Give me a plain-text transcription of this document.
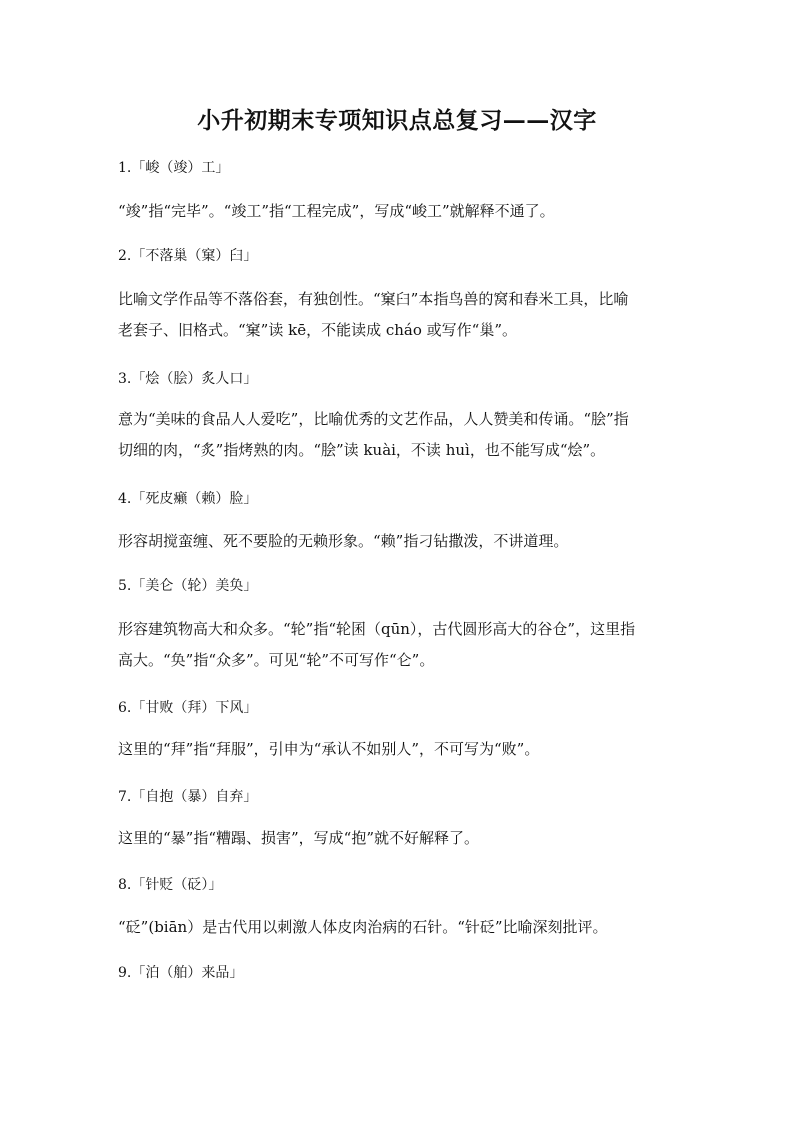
小升初期末专项知识点总复习——汉字
1.「峻（竣）工」
“竣”指“完毕”。“竣工”指“工程完成”，写成“峻工”就解释不通了。
2.「不落巢（窠）臼」
比喻文学作品等不落俗套，有独创性。“窠臼”本指鸟兽的窝和舂米工具，比喻
老套子、旧格式。“窠”读 kē，不能读成 cháo 或写作“巢”。
3.「烩（脍）炙人口」
意为“美味的食品人人爱吃”，比喻优秀的文艺作品，人人赞美和传诵。“脍”指
切细的肉，“炙”指烤熟的肉。“脍”读 kuài，不读 huì，也不能写成“烩”。
4.「死皮癞（赖）脸」
形容胡搅蛮缠、死不要脸的无赖形象。“赖”指刁钻撒泼，不讲道理。
5.「美仑（轮）美奂」
形容建筑物高大和众多。“轮”指“轮囷（qūn），古代圆形高大的谷仓”，这里指
高大。“奂”指“众多”。可见“轮”不可写作“仑”。
6.「甘败（拜）下风」
这里的“拜”指“拜服”，引申为“承认不如别人”，不可写为“败”。
7.「自抱（暴）自弃」
这里的“暴”指“糟蹋、损害”，写成“抱”就不好解释了。
8.「针贬（砭）」
“砭”(biān）是古代用以刺激人体皮肉治病的石针。“针砭”比喻深刻批评。
9.「泊（舶）来品」
